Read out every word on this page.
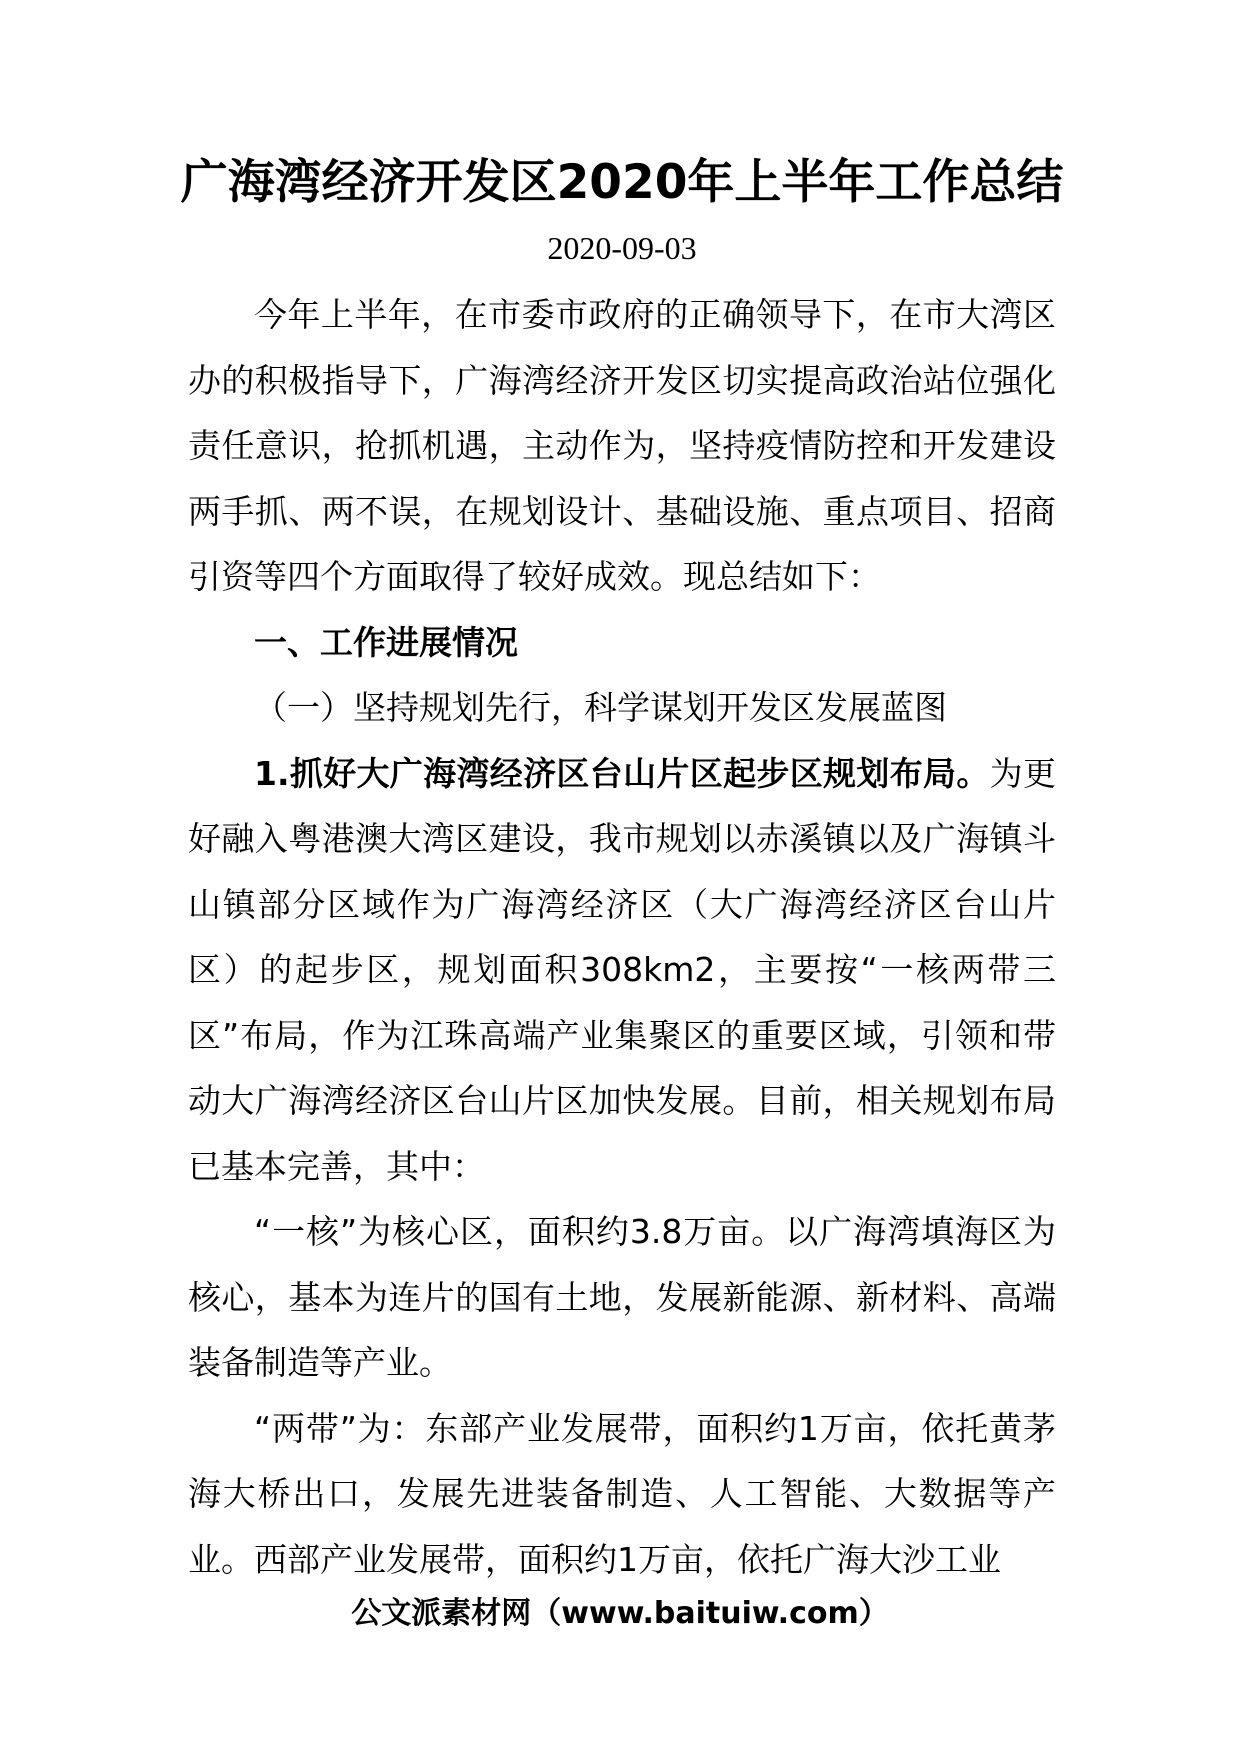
广海湾经济开发区2020年上半年工作总结
2020-09-03

今年上半年，在市委市政府的正确领导下，在市大湾区办的积极指导下，广海湾经济开发区切实提高政治站位强化责任意识，抢抓机遇，主动作为，坚持疫情防控和开发建设两手抓、两不误，在规划设计、基础设施、重点项目、招商引资等四个方面取得了较好成效。现总结如下：

一、工作进展情况

（一）坚持规划先行，科学谋划开发区发展蓝图

1.抓好大广海湾经济区台山片区起步区规划布局。为更好融入粤港澳大湾区建设，我市规划以赤溪镇以及广海镇斗山镇部分区域作为广海湾经济区（大广海湾经济区台山片区）的起步区，规划面积308km2，主要按“一核两带三区”布局，作为江珠高端产业集聚区的重要区域，引领和带动大广海湾经济区台山片区加快发展。目前，相关规划布局已基本完善，其中：

“一核”为核心区，面积约3.8万亩。以广海湾填海区为核心，基本为连片的国有土地，发展新能源、新材料、高端装备制造等产业。

“两带”为：东部产业发展带，面积约1万亩，依托黄茅海大桥出口，发展先进装备制造、人工智能、大数据等产业。西部产业发展带，面积约1万亩，依托广海大沙工业

公文派素材网（www.baituiw.com）
